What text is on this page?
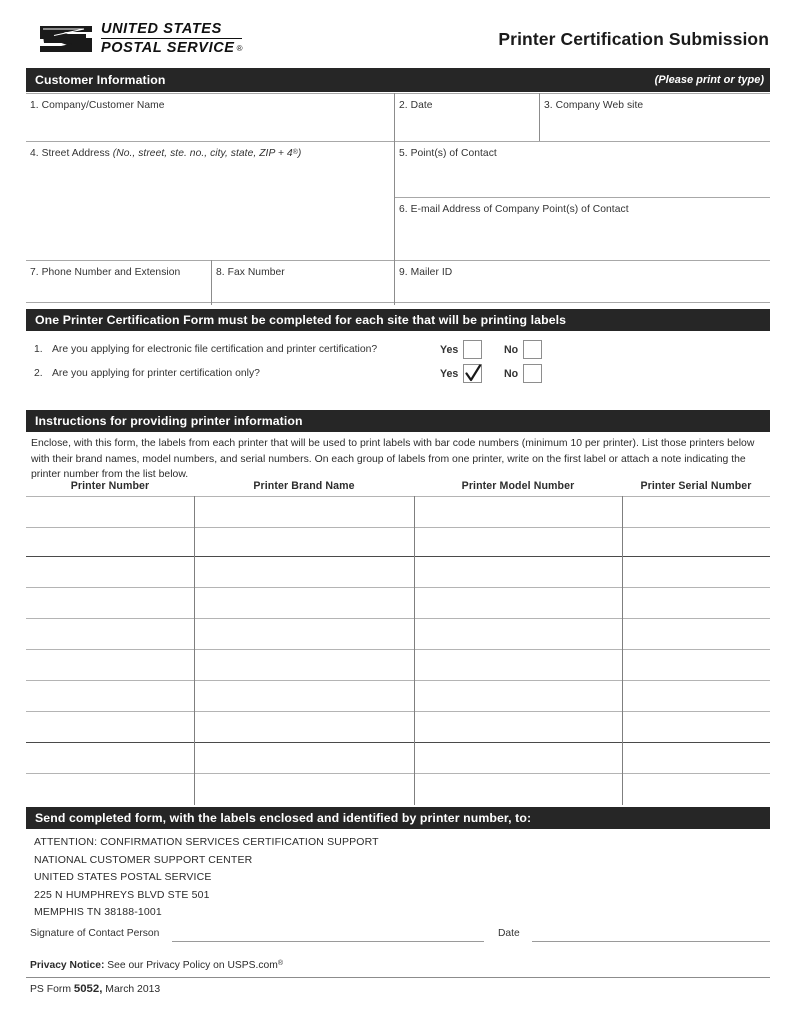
UNITED STATES
POSTAL SERVICE ®	Printer Certification Submission
Customer Information	(Please print or type)
1. Company/Customer Name	2. Date	3. Company Web site
4. Street Address (No., street, ste. no., city, state, ZIP + 4®)	5. Point(s) of Contact
6. E-mail Address of Company Point(s) of Contact
7. Phone Number and Extension	8. Fax Number	9. Mailer ID
One Printer Certification Form must be completed for each site that will be printing labels
1. Are you applying for electronic file certification and printer certification?	Yes	No
2. Are you applying for printer certification only?	Yes	No
Instructions for providing printer information
Enclose, with this form, the labels from each printer that will be used to print labels with bar code numbers (minimum 10 per printer). List those printers below with their brand names, model numbers, and serial numbers. On each group of labels from one printer, write on the first label or attach a note indicating the printer number from the list below.
Printer Number	Printer Brand Name	Printer Model Number	Printer Serial Number
Send completed form, with the labels enclosed and identified by printer number, to:
ATTENTION: CONFIRMATION SERVICES CERTIFICATION SUPPORT
NATIONAL CUSTOMER SUPPORT CENTER
UNITED STATES POSTAL SERVICE
225 N HUMPHREYS BLVD STE 501
MEMPHIS TN 38188-1001
Signature of Contact Person	Date
Privacy Notice: See our Privacy Policy on USPS.com®
PS Form 5052, March 2013
